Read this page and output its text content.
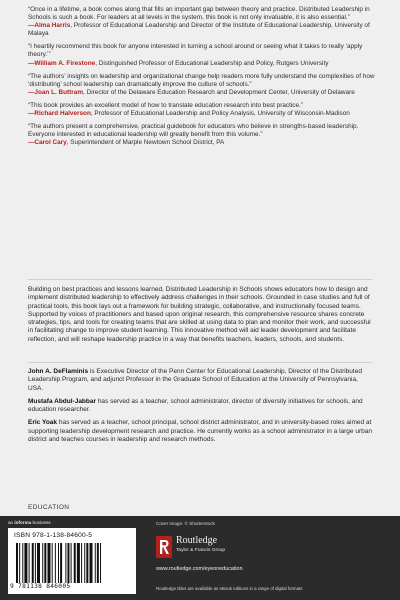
“Once in a lifetime, a book comes along that fills an important gap between theory and practice. Distributed Leadership in Schools is such a book. For leaders at all levels in the system, this book is not only invaluable, it is also essential.”
—Alma Harris, Professor of Educational Leadership and Director of the Institute of Educational Leadership, University of Malaya
“I heartily recommend this book for anyone interested in turning a school around or seeing what it takes to really ‘apply theory.’”
—William A. Firestone, Distinguished Professor of Educational Leadership and Policy, Rutgers University
“The authors’ insights on leadership and organizational change help readers more fully understand the complexities of how ‘distributing’ school leadership can dramatically improve the culture of schools.”
—Joan L. Buttram, Director of the Delaware Education Research and Development Center, University of Delaware
“This book provides an excellent model of how to translate education research into best practice.”
—Richard Halverson, Professor of Educational Leadership and Policy Analysis, University of Wisconsin-Madison
“The authors present a comprehensive, practical guidebook for educators who believe in strengths-based leadership. Everyone interested in educational leadership will greatly benefit from this volume.”
—Carol Cary, Superintendent of Marple Newtown School District, PA

Building on best practices and lessons learned, Distributed Leadership in Schools shows educators how to design and implement distributed leadership to effectively address challenges in their schools. Grounded in case studies and full of practical tools, this book lays out a framework for building strategic, collaborative, and instructionally focused teams. Supported by voices of practitioners and based upon original research, this comprehensive resource shares concrete strategies, tips, and tools for creating teams that are skilled at using data to plan and monitor their work, and successful in facilitating change to improve student learning. This innovative method will aid leader development and facilitate reflection, and will reshape leadership practice in a way that benefits teachers, leaders, schools, and students.

John A. DeFlaminis is Executive Director of the Penn Center for Educational Leadership, Director of the Distributed Leadership Program, and adjunct Professor in the Graduate School of Education at the University of Pennsylvania, USA.
Mustafa Abdul-Jabbar has served as a teacher, school administrator, director of diversity initiatives for schools, and education researcher.
Eric Yoak has served as a teacher, school principal, school district administrator, and in university-based roles aimed at supporting leadership development research and practice. He currently works as a school administrator in a large urban district and teaches courses in leadership and research methods.
EDUCATION
an informa business
ISBN 978-1-138-84600-5
9 781138 846005
Cover image: © Shutterstock
Routledge
Taylor & Francis Group
www.routledge.com/eyeoneducation
Routledge titles are available as eBook editions in a range of digital formats
